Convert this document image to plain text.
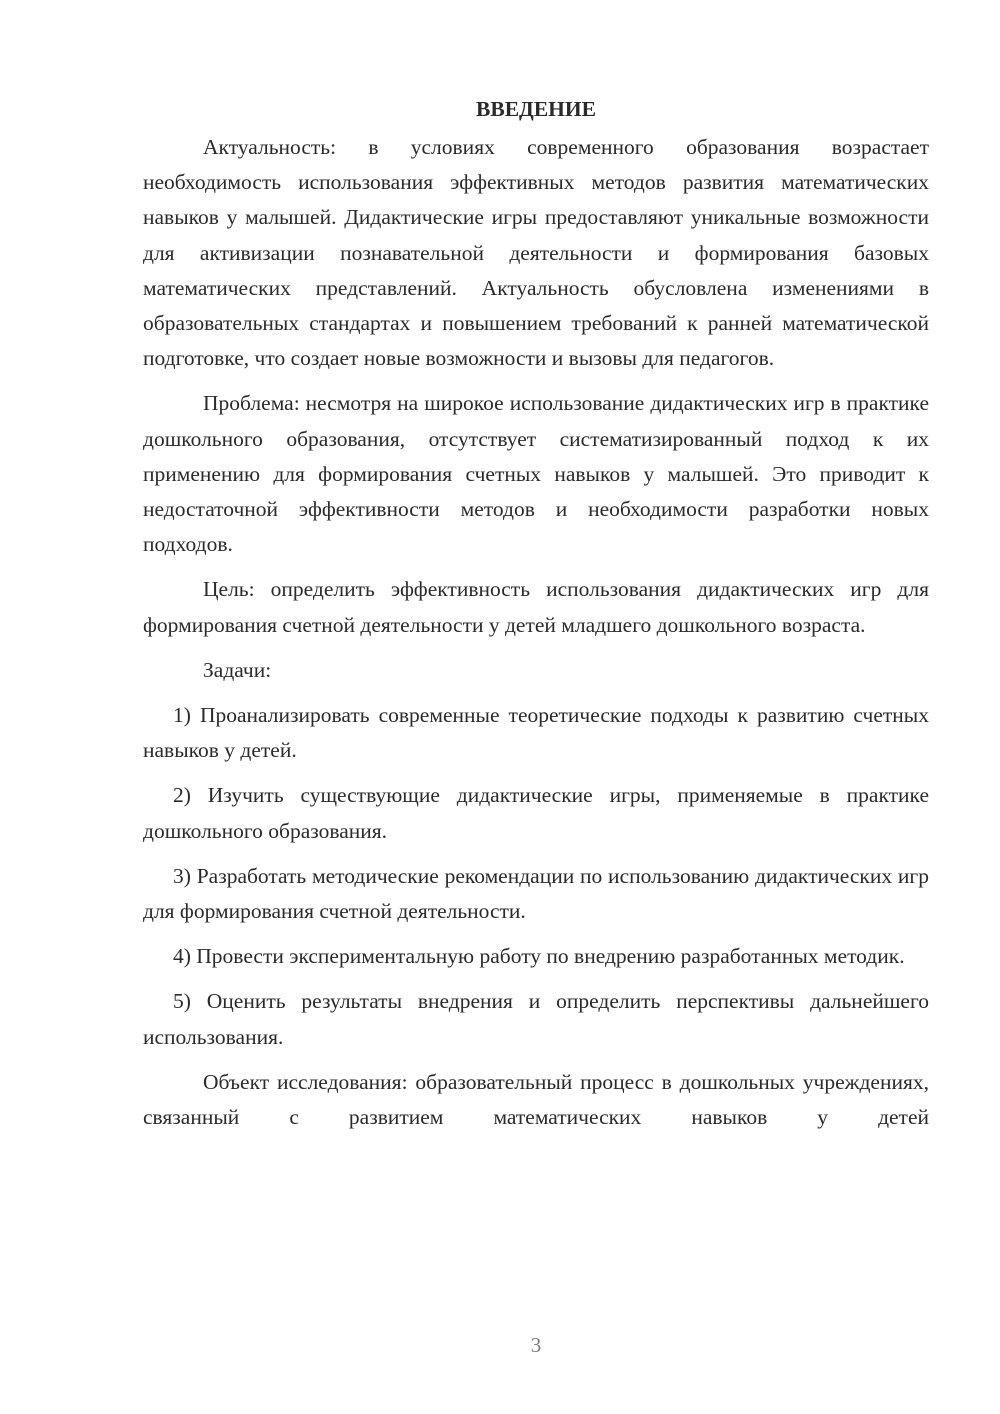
ВВЕДЕНИЕ

Актуальность: в условиях современного образования возрастает необходимость использования эффективных методов развития математических навыков у малышей. Дидактические игры предоставляют уникальные возможности для активизации познавательной деятельности и формирования базовых математических представлений. Актуальность обусловлена изменениями в образовательных стандартах и повышением требований к ранней математической подготовке, что создает новые возможности и вызовы для педагогов.

Проблема: несмотря на широкое использование дидактических игр в практике дошкольного образования, отсутствует систематизированный подход к их применению для формирования счетных навыков у малышей. Это приводит к недостаточной эффективности методов и необходимости разработки новых подходов.

Цель: определить эффективность использования дидактических игр для формирования счетной деятельности у детей младшего дошкольного возраста.

Задачи:

1) Проанализировать современные теоретические подходы к развитию счетных навыков у детей.

2) Изучить существующие дидактические игры, применяемые в практике дошкольного образования.

3) Разработать методические рекомендации по использованию дидактических игр для формирования счетной деятельности.

4) Провести экспериментальную работу по внедрению разработанных методик.

5) Оценить результаты внедрения и определить перспективы дальнейшего использования.

Объект исследования: образовательный процесс в дошкольных учреждениях, связанный с развитием математических навыков у детей

3
